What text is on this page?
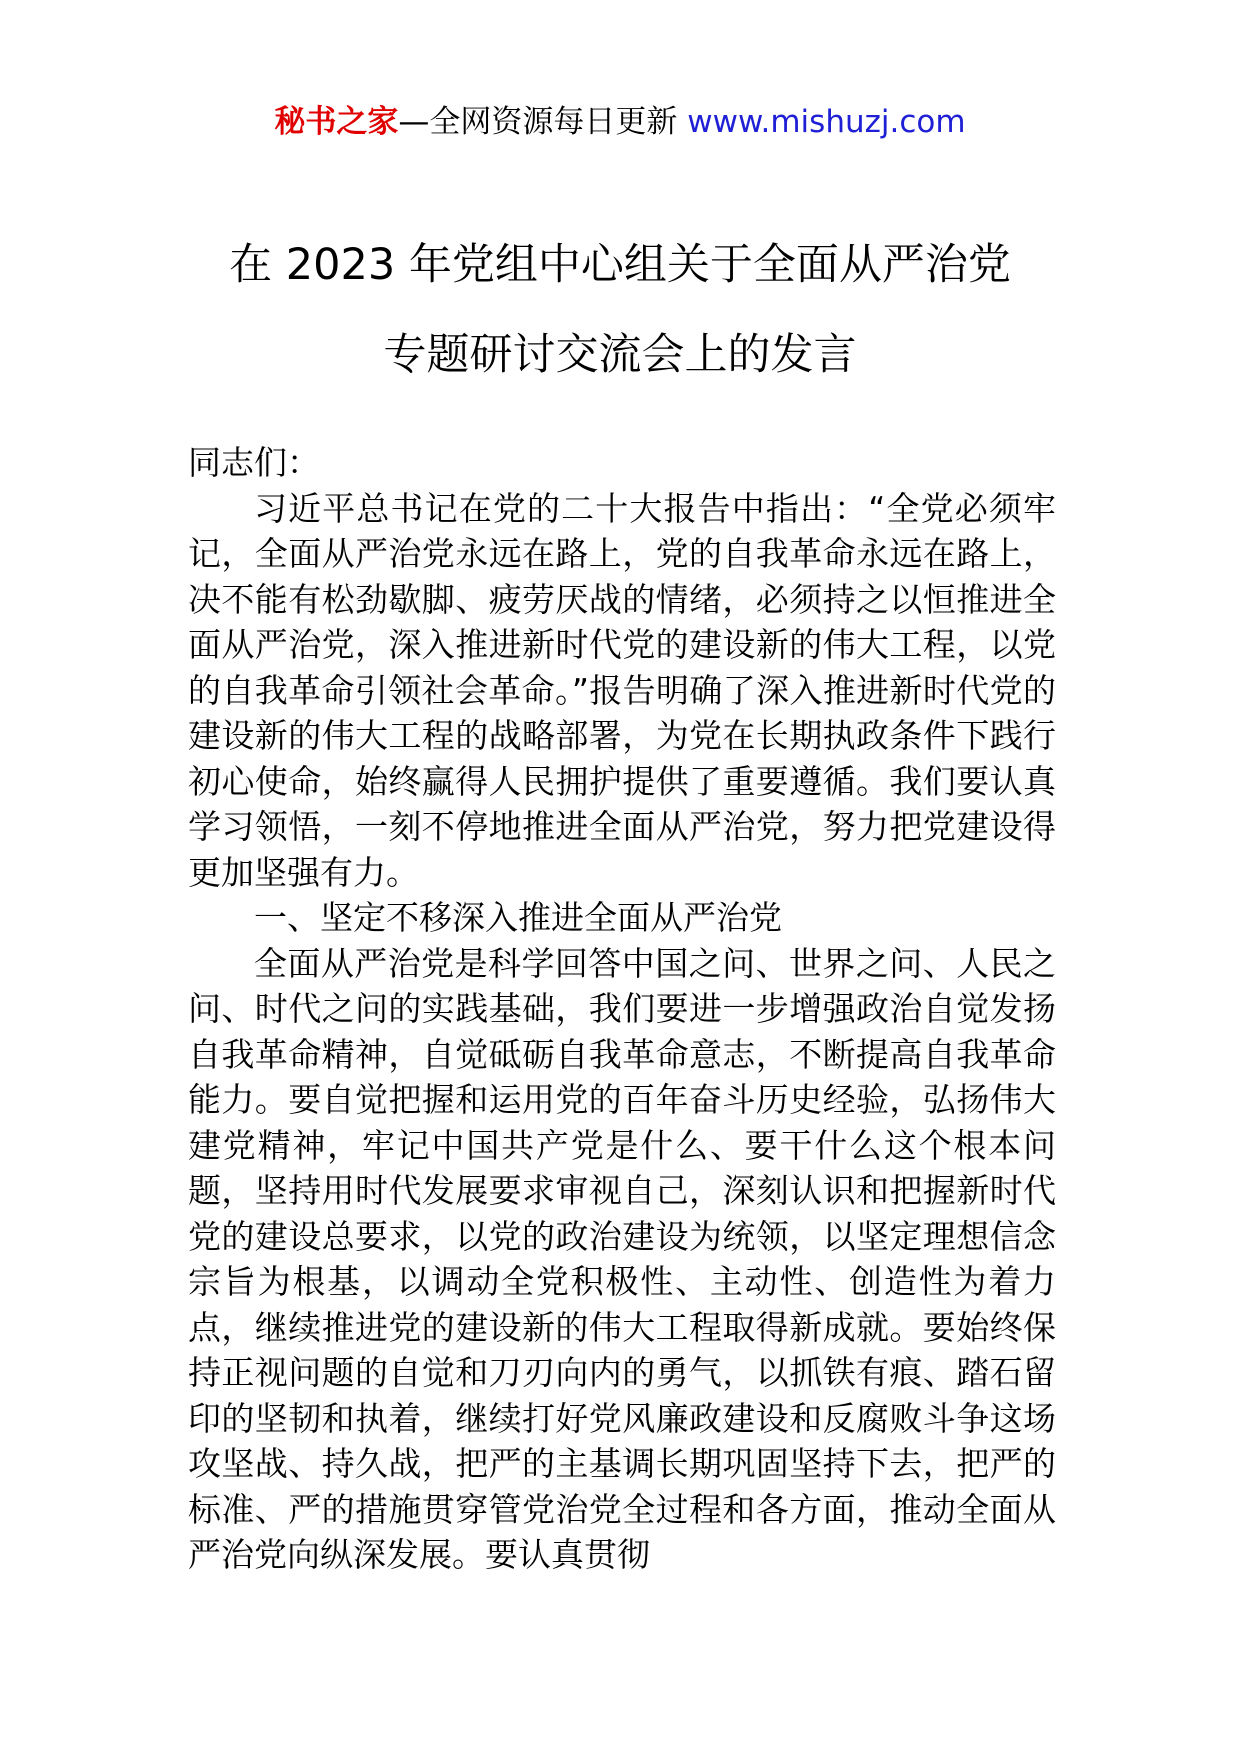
秘书之家—全网资源每日更新 www.mishuzj.com
在 2023 年党组中心组关于全面从严治党
专题研讨交流会上的发言

同志们：

习近平总书记在党的二十大报告中指出：“全党必须牢记，全面从严治党永远在路上，党的自我革命永远在路上，决不能有松劲歇脚、疲劳厌战的情绪，必须持之以恒推进全面从严治党，深入推进新时代党的建设新的伟大工程，以党的自我革命引领社会革命。”报告明确了深入推进新时代党的建设新的伟大工程的战略部署，为党在长期执政条件下践行初心使命，始终赢得人民拥护提供了重要遵循。我们要认真学习领悟，一刻不停地推进全面从严治党，努力把党建设得更加坚强有力。

一、坚定不移深入推进全面从严治党

全面从严治党是科学回答中国之问、世界之问、人民之问、时代之问的实践基础，我们要进一步增强政治自觉发扬自我革命精神，自觉砥砺自我革命意志，不断提高自我革命能力。要自觉把握和运用党的百年奋斗历史经验，弘扬伟大建党精神，牢记中国共产党是什么、要干什么这个根本问题，坚持用时代发展要求审视自己，深刻认识和把握新时代党的建设总要求，以党的政治建设为统领，以坚定理想信念宗旨为根基，以调动全党积极性、主动性、创造性为着力点，继续推进党的建设新的伟大工程取得新成就。要始终保持正视问题的自觉和刀刃向内的勇气，以抓铁有痕、踏石留印的坚韧和执着，继续打好党风廉政建设和反腐败斗争这场攻坚战、持久战，把严的主基调长期巩固坚持下去，把严的标准、严的措施贯穿管党治党全过程和各方面，推动全面从严治党向纵深发展。要认真贯彻
